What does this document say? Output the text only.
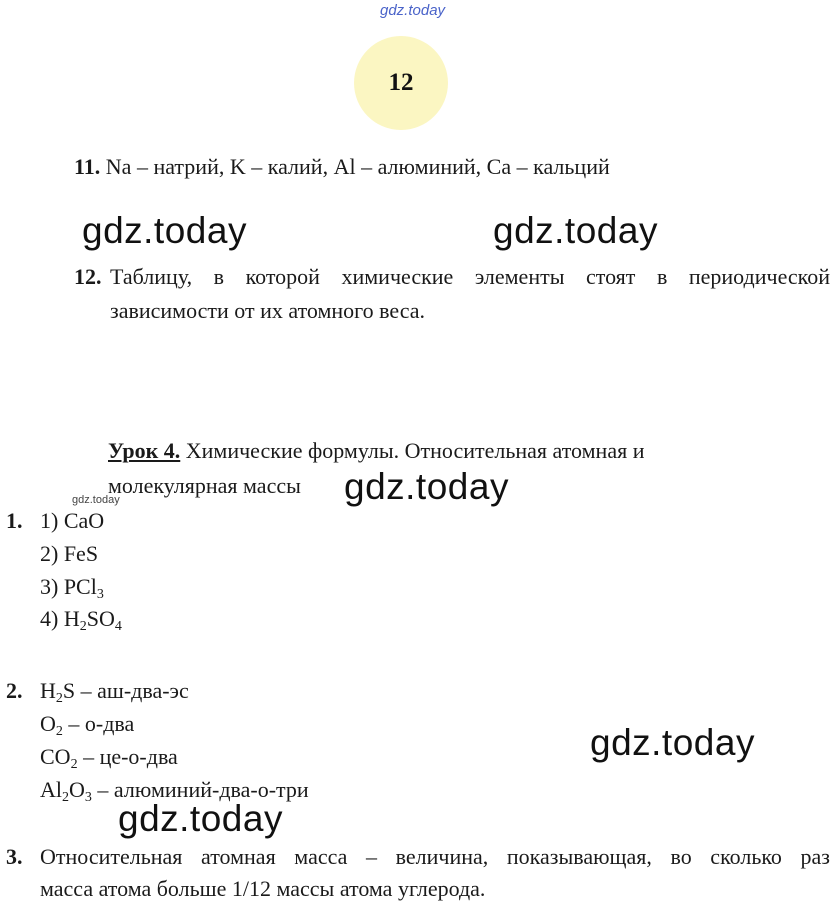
gdz.today
12
11. Na – натрий, K – калий, Al – алюминий, Ca – кальций
gdz.today	gdz.today
12. Таблицу, в которой химические элементы стоят в периодической
зависимости от их атомного веса.
Урок 4. Химические формулы. Относительная атомная и
молекулярная массы gdz.today
gdz.today
1. 1) CaO
2) FeS
3) PCl$_3$
4) $H_2SO_4$
2. $H_2S - аш-два-эс$
$O_2 - о-два$
$CO_2 - це-о-два$
$Al_2O_3$ – алюминий-два-о-три
gdz.today
gdz.today
3. Относительная атомная масса – величина, показывающая, во сколько раз
масса атома больше 1/12 массы атома углерода.
